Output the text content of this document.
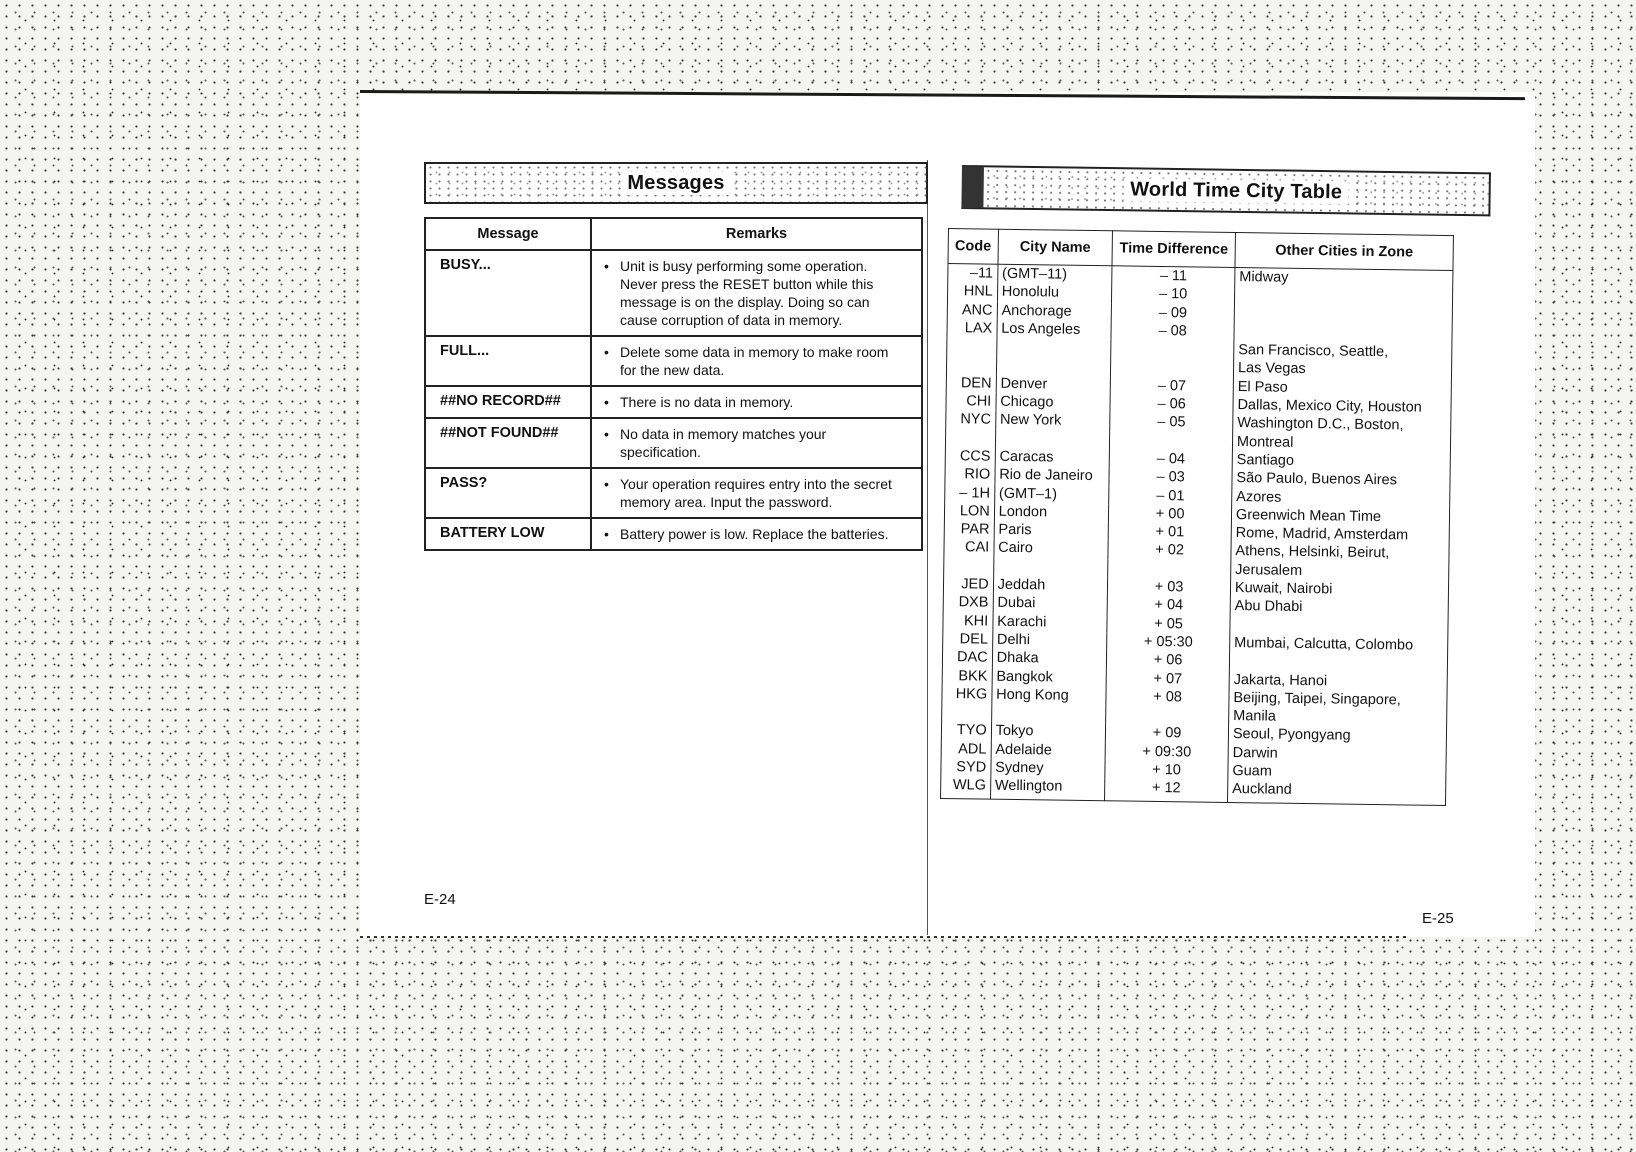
Messages
Message	Remarks
BUSY...	• Unit is busy performing some operation. Never press the RESET button while this message is on the display. Doing so can cause corruption of data in memory.
FULL...	• Delete some data in memory to make room for the new data.
##NO RECORD##	• There is no data in memory.
##NOT FOUND##	• No data in memory matches your specification.
PASS?	• Your operation requires entry into the secret memory area. Input the password.
BATTERY LOW	• Battery power is low. Replace the batteries.
E-24
World Time City Table
Code	City Name	Time Difference	Other Cities in Zone
–11	(GMT–11)	– 11	Midway
HNL	Honolulu	– 10	
ANC	Anchorage	– 09	
LAX	Los Angeles	– 08	
			San Francisco, Seattle,
			Las Vegas
DEN	Denver	– 07	El Paso
CHI	Chicago	– 06	Dallas, Mexico City, Houston
NYC	New York	– 05	Washington D.C., Boston,
			Montreal
CCS	Caracas	– 04	Santiago
RIO	Rio de Janeiro	– 03	São Paulo, Buenos Aires
– 1H	(GMT–1)	– 01	Azores
LON	London	+ 00	Greenwich Mean Time
PAR	Paris	+ 01	Rome, Madrid, Amsterdam
CAI	Cairo	+ 02	Athens, Helsinki, Beirut,
			Jerusalem
JED	Jeddah	+ 03	Kuwait, Nairobi
DXB	Dubai	+ 04	Abu Dhabi
KHI	Karachi	+ 05	
DEL	Delhi	+ 05:30	Mumbai, Calcutta, Colombo
DAC	Dhaka	+ 06	
BKK	Bangkok	+ 07	Jakarta, Hanoi
HKG	Hong Kong	+ 08	Beijing, Taipei, Singapore,
			Manila
TYO	Tokyo	+ 09	Seoul, Pyongyang
ADL	Adelaide	+ 09:30	Darwin
SYD	Sydney	+ 10	Guam
WLG	Wellington	+ 12	Auckland
E-25
